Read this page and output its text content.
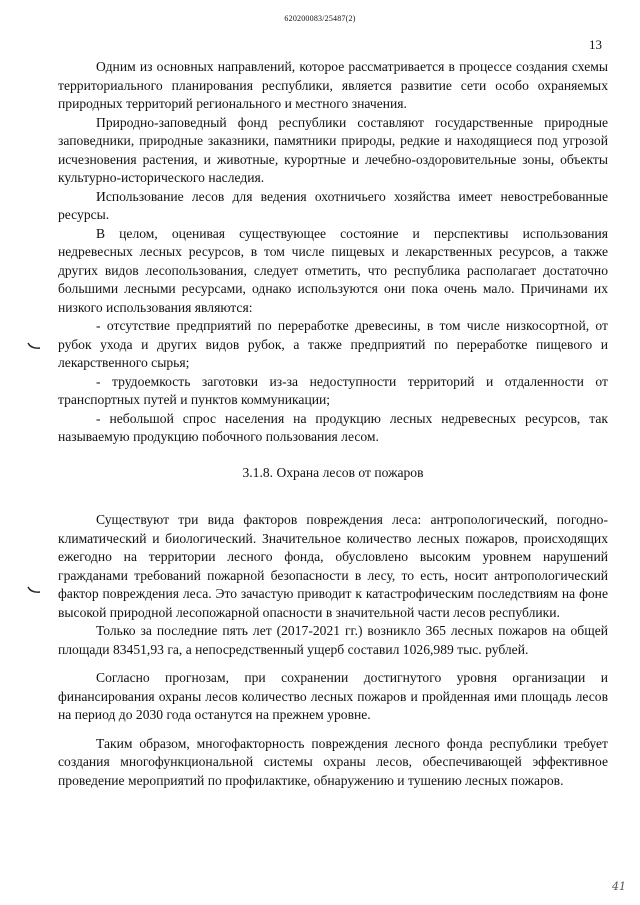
620200083/25487(2)
13

Одним из основных направлений, которое рассматривается в процессе создания схемы территориального планирования республики, является развитие сети особо охраняемых природных территорий регионального и местного значения.

Природно-заповедный фонд республики составляют государственные природные заповедники, природные заказники, памятники природы, редкие и находящиеся под угрозой исчезновения растения, и животные, курортные и лечебно-оздоровительные зоны, объекты культурно-исторического наследия.

Использование лесов для ведения охотничьего хозяйства имеет невостребованные ресурсы.

В целом, оценивая существующее состояние и перспективы использования недревесных лесных ресурсов, в том числе пищевых и лекарственных ресурсов, а также других видов лесопользования, следует отметить, что республика располагает достаточно большими лесными ресурсами, однако используются они пока очень мало. Причинами их низкого использования являются:

- отсутствие предприятий по переработке древесины, в том числе низкосортной, от рубок ухода и других видов рубок, а также предприятий по переработке пищевого и лекарственного сырья;

- трудоемкость заготовки из-за недоступности территорий и отдаленности от транспортных путей и пунктов коммуникации;

- небольшой спрос населения на продукцию лесных недревесных ресурсов, так называемую продукцию побочного пользования лесом.

3.1.8. Охрана лесов от пожаров

Существуют три вида факторов повреждения леса: антропологический, погодно-климатический и биологический. Значительное количество лесных пожаров, происходящих ежегодно на территории лесного фонда, обусловлено высоким уровнем нарушений гражданами требований пожарной безопасности в лесу, то есть, носит антропологический фактор повреждения леса. Это зачастую приводит к катастрофическим последствиям на фоне высокой природной лесопожарной опасности в значительной части лесов республики.

Только за последние пять лет (2017-2021 гг.) возникло 365 лесных пожаров на общей площади 83451,93 га, а непосредственный ущерб составил 1026,989 тыс. рублей.

Согласно прогнозам, при сохранении достигнутого уровня организации и финансирования охраны лесов количество лесных пожаров и пройденная ими площадь лесов на период до 2030 года останутся на прежнем уровне.

Таким образом, многофакторность повреждения лесного фонда республики требует создания многофункциональной системы охраны лесов, обеспечивающей эффективное проведение мероприятий по профилактике, обнаружению и тушению лесных пожаров.

41
